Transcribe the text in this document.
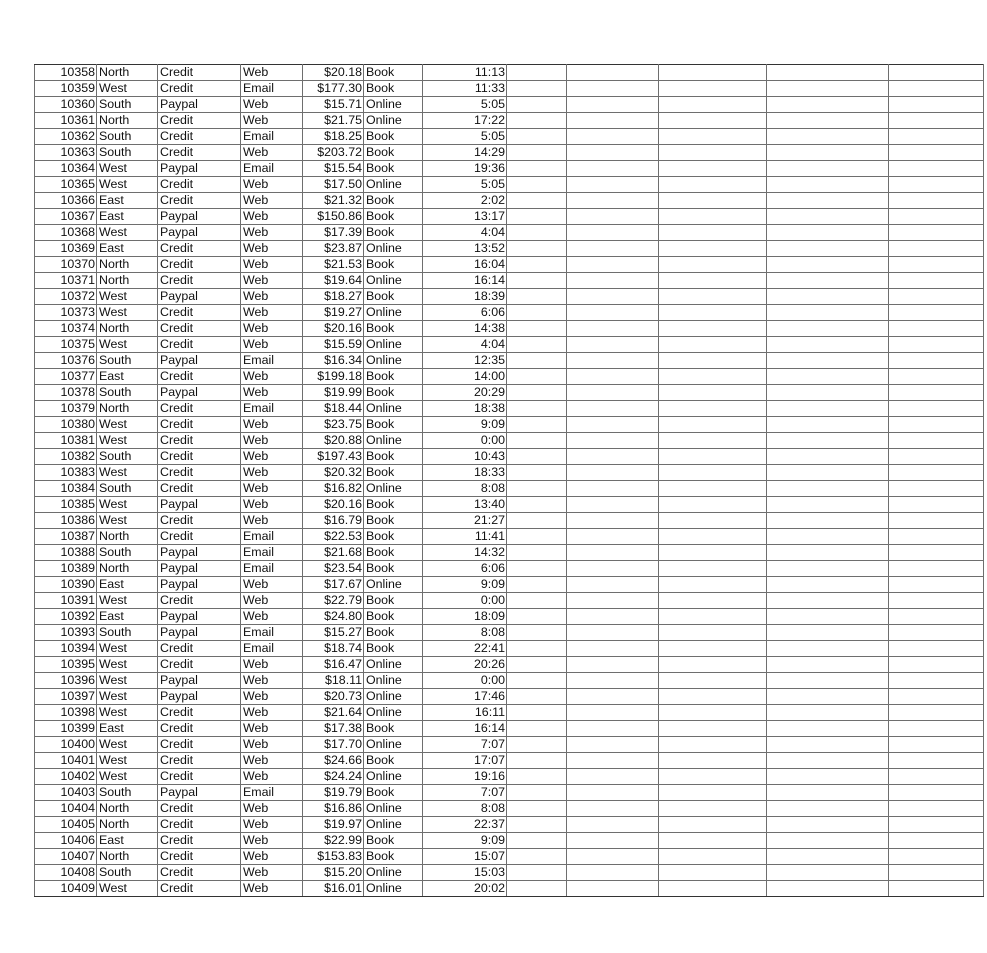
10358	North	Credit	Web	$20.18	Book	11:13					
10359	West	Credit	Email	$177.30	Book	11:33					
10360	South	Paypal	Web	$15.71	Online	5:05					
10361	North	Credit	Web	$21.75	Online	17:22					
10362	South	Credit	Email	$18.25	Book	5:05					
10363	South	Credit	Web	$203.72	Book	14:29					
10364	West	Paypal	Email	$15.54	Book	19:36					
10365	West	Credit	Web	$17.50	Online	5:05					
10366	East	Credit	Web	$21.32	Book	2:02					
10367	East	Paypal	Web	$150.86	Book	13:17					
10368	West	Paypal	Web	$17.39	Book	4:04					
10369	East	Credit	Web	$23.87	Online	13:52					
10370	North	Credit	Web	$21.53	Book	16:04					
10371	North	Credit	Web	$19.64	Online	16:14					
10372	West	Paypal	Web	$18.27	Book	18:39					
10373	West	Credit	Web	$19.27	Online	6:06					
10374	North	Credit	Web	$20.16	Book	14:38					
10375	West	Credit	Web	$15.59	Online	4:04					
10376	South	Paypal	Email	$16.34	Online	12:35					
10377	East	Credit	Web	$199.18	Book	14:00					
10378	South	Paypal	Web	$19.99	Book	20:29					
10379	North	Credit	Email	$18.44	Online	18:38					
10380	West	Credit	Web	$23.75	Book	9:09					
10381	West	Credit	Web	$20.88	Online	0:00					
10382	South	Credit	Web	$197.43	Book	10:43					
10383	West	Credit	Web	$20.32	Book	18:33					
10384	South	Credit	Web	$16.82	Online	8:08					
10385	West	Paypal	Web	$20.16	Book	13:40					
10386	West	Credit	Web	$16.79	Book	21:27					
10387	North	Credit	Email	$22.53	Book	11:41					
10388	South	Paypal	Email	$21.68	Book	14:32					
10389	North	Paypal	Email	$23.54	Book	6:06					
10390	East	Paypal	Web	$17.67	Online	9:09					
10391	West	Credit	Web	$22.79	Book	0:00					
10392	East	Paypal	Web	$24.80	Book	18:09					
10393	South	Paypal	Email	$15.27	Book	8:08					
10394	West	Credit	Email	$18.74	Book	22:41					
10395	West	Credit	Web	$16.47	Online	20:26					
10396	West	Paypal	Web	$18.11	Online	0:00					
10397	West	Paypal	Web	$20.73	Online	17:46					
10398	West	Credit	Web	$21.64	Online	16:11					
10399	East	Credit	Web	$17.38	Book	16:14					
10400	West	Credit	Web	$17.70	Online	7:07					
10401	West	Credit	Web	$24.66	Book	17:07					
10402	West	Credit	Web	$24.24	Online	19:16					
10403	South	Paypal	Email	$19.79	Book	7:07					
10404	North	Credit	Web	$16.86	Online	8:08					
10405	North	Credit	Web	$19.97	Online	22:37					
10406	East	Credit	Web	$22.99	Book	9:09					
10407	North	Credit	Web	$153.83	Book	15:07					
10408	South	Credit	Web	$15.20	Online	15:03					
10409	West	Credit	Web	$16.01	Online	20:02					
